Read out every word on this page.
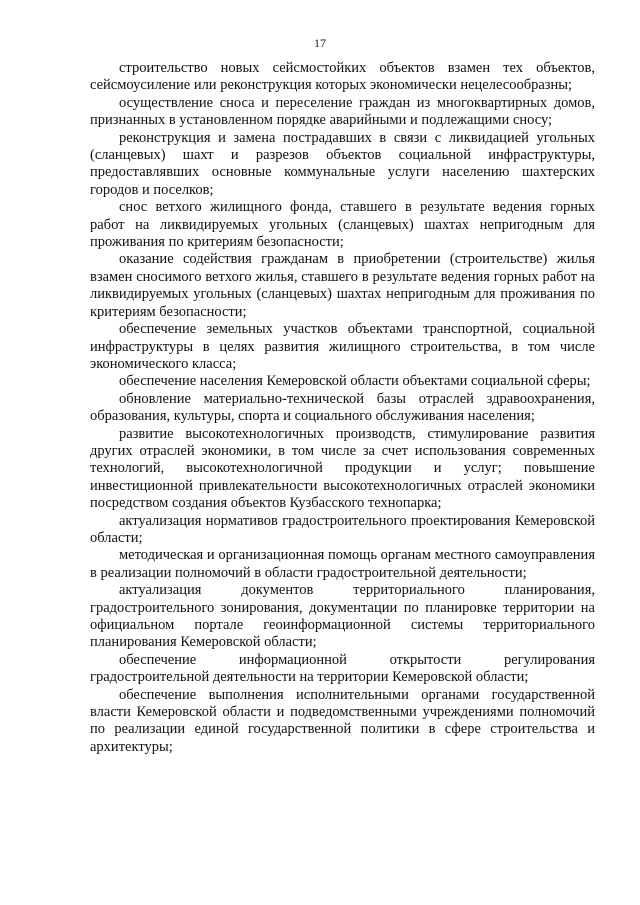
17

строительство новых сейсмостойких объектов взамен тех объектов, сейсмоусиление или реконструкция которых экономически нецелесообразны;

осуществление сноса и переселение граждан из многоквартирных домов, признанных в установленном порядке аварийными и подлежащими сносу;

реконструкция и замена пострадавших в связи с ликвидацией угольных (сланцевых) шахт и разрезов объектов социальной инфраструктуры, предоставлявших основные коммунальные услуги населению шахтерских городов и поселков;

снос ветхого жилищного фонда, ставшего в результате ведения горных работ на ликвидируемых угольных (сланцевых) шахтах непригодным для проживания по критериям безопасности;

оказание содействия гражданам в приобретении (строительстве) жилья взамен сносимого ветхого жилья, ставшего в результате ведения горных работ на ликвидируемых угольных (сланцевых) шахтах непригодным для проживания по критериям безопасности;

обеспечение земельных участков объектами транспортной, социальной инфраструктуры в целях развития жилищного строительства, в том числе экономического класса;

обеспечение населения Кемеровской области объектами социальной сферы;

обновление материально-технической базы отраслей здравоохранения, образования, культуры, спорта и социального обслуживания населения;

развитие высокотехнологичных производств, стимулирование развития других отраслей экономики, в том числе за счет использования современных технологий, высокотехнологичной продукции и услуг; повышение инвестиционной привлекательности высокотехнологичных отраслей экономики посредством создания объектов Кузбасского технопарка;

актуализация нормативов градостроительного проектирования Кемеровской области;

методическая и организационная помощь органам местного самоуправления в реализации полномочий в области градостроительной деятельности;

актуализация документов территориального планирования, градостроительного зонирования, документации по планировке территории на официальном портале геоинформационной системы территориального планирования Кемеровской области;

обеспечение информационной открытости регулирования градостроительной деятельности на территории Кемеровской области;

обеспечение выполнения исполнительными органами государственной власти Кемеровской области и подведомственными учреждениями полномочий по реализации единой государственной политики в сфере строительства и архитектуры;
